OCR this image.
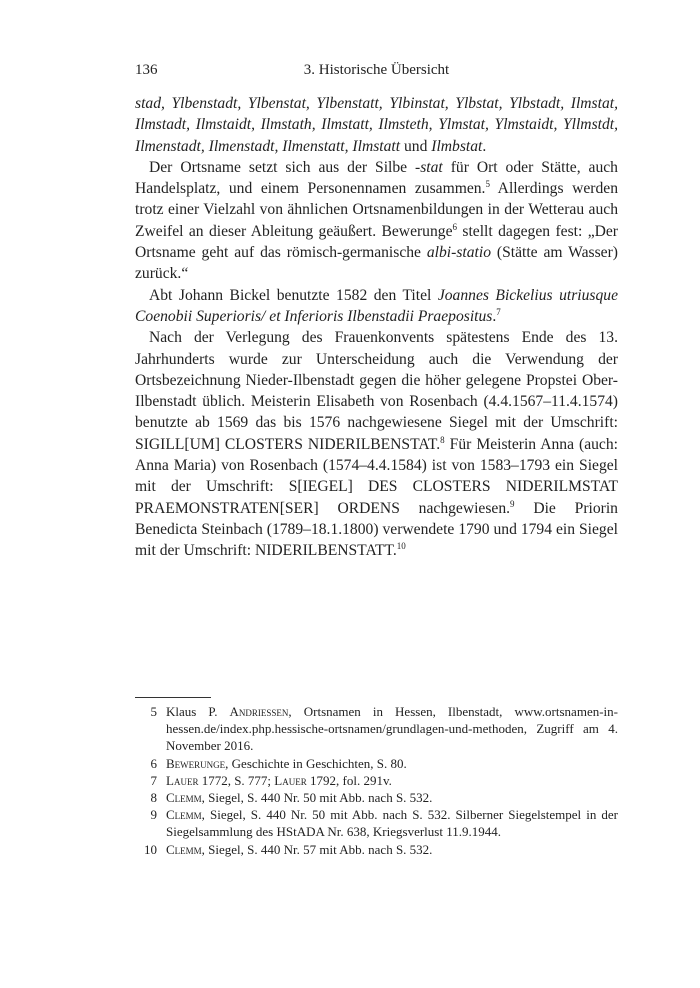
136	3. Historische Übersicht

stad, Ylbenstadt, Ylbenstat, Ylbenstatt, Ylbinstat, Ylbstat, Ylbstadt, Ilmstat, Ilmstadt, Ilmstaidt, Ilmstath, Ilmstatt, Ilmsteth, Ylmstat, Ylmstaidt, Yllmstdt, Ilmenstadt, Ilmenstadt, Ilmenstatt, Ilmstatt und Ilmbstat.

Der Ortsname setzt sich aus der Silbe -stat für Ort oder Stätte, auch Handelsplatz, und einem Personennamen zusammen.$^5$ Allerdings werden trotz einer Vielzahl von ähnlichen Ortsnamenbildungen in der Wetterau auch Zweifel an dieser Ableitung geäußert. Bewerunge$^6$ stellt dagegen fest: „Der Ortsname geht auf das römisch-germanische albi-statio (Stätte am Wasser) zurück.“

Abt Johann Bickel benutzte 1582 den Titel Joannes Bickelius utriusque Coenobii Superioris/ et Inferioris Ilbenstadii Praepositus.$^7$

Nach der Verlegung des Frauenkonvents spätestens Ende des 13. Jahrhunderts wurde zur Unterscheidung auch die Verwendung der Ortsbezeichnung Nieder-Ilbenstadt gegen die höher gelegene Propstei Ober-Ilbenstadt üblich. Meisterin Elisabeth von Rosenbach (4.4.1567–11.4.1574) benutzte ab 1569 das bis 1576 nachgewiesene Siegel mit der Umschrift: SIGILL[UM] CLOSTERS NIDERILBENSTAT.$^8$ Für Meisterin Anna (auch: Anna Maria) von Rosenbach (1574–4.4.1584) ist von 1583–1793 ein Siegel mit der Umschrift: S[IEGEL] DES CLOSTERS NIDERILMSTAT PRAEMONSTRATEN[SER] ORDENS nachgewiesen.$^9$ Die Priorin Benedicta Steinbach (1789–18.1.1800) verwendete 1790 und 1794 ein Siegel mit der Umschrift: NIDERILBENSTATT.$^{10}$

5 Klaus P. Andriessen, Ortsnamen in Hessen, Ilbenstadt, www.ortsnamen-in-hessen.de/index.php.hessische-ortsnamen/grundlagen-und-methoden, Zugriff am 4. November 2016.
6 Bewerunge, Geschichte in Geschichten, S. 80.
7 Lauer 1772, S. 777; Lauer 1792, fol. 291v.
8 Clemm, Siegel, S. 440 Nr. 50 mit Abb. nach S. 532.
9 Clemm, Siegel, S. 440 Nr. 50 mit Abb. nach S. 532. Silberner Siegelstempel in der Siegelsammlung des HStADA Nr. 638, Kriegsverlust 11.9.1944.
10 Clemm, Siegel, S. 440 Nr. 57 mit Abb. nach S. 532.
